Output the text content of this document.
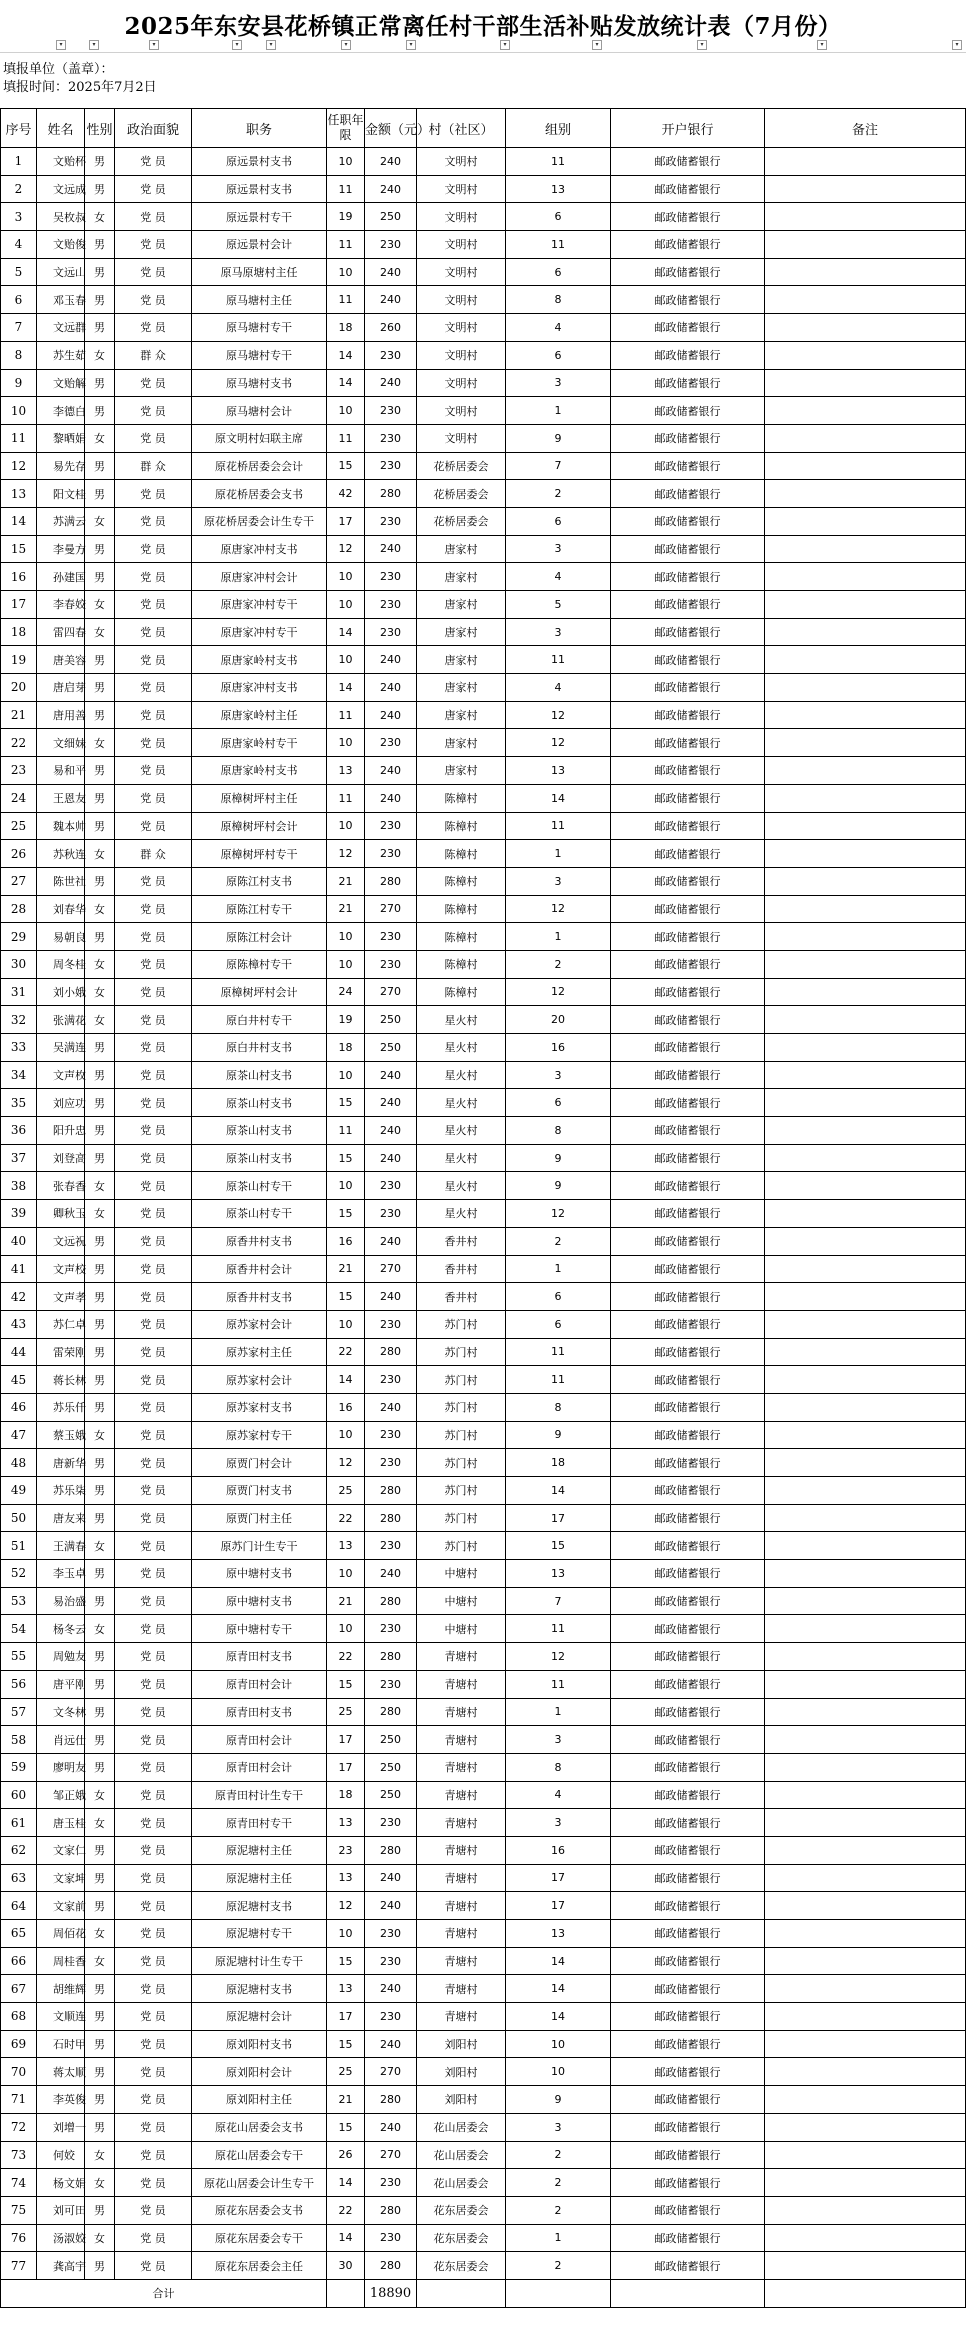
2025年东安县花桥镇正常离任村干部生活补贴发放统计表（7月份）
▾	▾	▾	▾	▾	▾	▾	▾	▾	▾	▾	▾
填报单位（盖章）：
填报时间：2025年7月2日
序号	姓名	性别	政治面貌	职务	任职年限	金额（元）	村（社区）	组别	开户银行	备注
1	文贻杯	男	党 员	原远景村支书	10	240	文明村	11	邮政储蓄银行	
2	文远成	男	党 员	原远景村支书	11	240	文明村	13	邮政储蓄银行	
3	吴枚叔	女	党 员	原远景村专干	19	250	文明村	6	邮政储蓄银行	
4	文贻俊	男	党 员	原远景村会计	11	230	文明村	11	邮政储蓄银行	
5	文远山	男	党 员	原马原塘村主任	10	240	文明村	6	邮政储蓄银行	
6	邓玉春	男	党 员	原马塘村主任	11	240	文明村	8	邮政储蓄银行	
7	文远群	男	党 员	原马塘村专干	18	260	文明村	4	邮政储蓄银行	
8	苏生茹	女	群 众	原马塘村专干	14	230	文明村	6	邮政储蓄银行	
9	文贻解	男	党 员	原马塘村支书	14	240	文明村	3	邮政储蓄银行	
10	李德白	男	党 员	原马塘村会计	10	230	文明村	1	邮政储蓄银行	
11	黎晒娟	女	党 员	原文明村妇联主席	11	230	文明村	9	邮政储蓄银行	
12	易先存	男	群 众	原花桥居委会会计	15	230	花桥居委会	7	邮政储蓄银行	
13	阳文桂	男	党 员	原花桥居委会支书	42	280	花桥居委会	2	邮政储蓄银行	
14	苏满云	女	党 员	原花桥居委会计生专干	17	230	花桥居委会	6	邮政储蓄银行	
15	李曼方	男	党 员	原唐家冲村支书	12	240	唐家村	3	邮政储蓄银行	
16	孙建国	男	党 员	原唐家冲村会计	10	230	唐家村	4	邮政储蓄银行	
17	李春姣	女	党 员	原唐家冲村专干	10	230	唐家村	5	邮政储蓄银行	
18	雷四春	女	党 员	原唐家冲村专干	14	230	唐家村	3	邮政储蓄银行	
19	唐美容	男	党 员	原唐家岭村支书	10	240	唐家村	11	邮政储蓄银行	
20	唐启芽	男	党 员	原唐家冲村支书	14	240	唐家村	4	邮政储蓄银行	
21	唐用善	男	党 员	原唐家岭村主任	11	240	唐家村	12	邮政储蓄银行	
22	文细妹	女	党 员	原唐家岭村专干	10	230	唐家村	12	邮政储蓄银行	
23	易和平	男	党 员	原唐家岭村支书	13	240	唐家村	13	邮政储蓄银行	
24	王恩友	男	党 员	原樟树坪村主任	11	240	陈樟村	14	邮政储蓄银行	
25	魏本帅	男	党 员	原樟树坪村会计	10	230	陈樟村	11	邮政储蓄银行	
26	苏秋连	女	群 众	原樟树坪村专干	12	230	陈樟村	1	邮政储蓄银行	
27	陈世社	男	党 员	原陈江村支书	21	280	陈樟村	3	邮政储蓄银行	
28	刘春华	女	党 员	原陈江村专干	21	270	陈樟村	12	邮政储蓄银行	
29	易朝良	男	党 员	原陈江村会计	10	230	陈樟村	1	邮政储蓄银行	
30	周冬桂	女	党 员	原陈樟村专干	10	230	陈樟村	2	邮政储蓄银行	
31	刘小娥	女	党 员	原樟树坪村会计	24	270	陈樟村	12	邮政储蓄银行	
32	张满花	女	党 员	原白井村专干	19	250	星火村	20	邮政储蓄银行	
33	吴满连	男	党 员	原白井村支书	18	250	星火村	16	邮政储蓄银行	
34	文声枚	男	党 员	原茶山村支书	10	240	星火村	3	邮政储蓄银行	
35	刘应功	男	党 员	原茶山村支书	15	240	星火村	6	邮政储蓄银行	
36	阳升忠	男	党 员	原茶山村支书	11	240	星火村	8	邮政储蓄银行	
37	刘登高	男	党 员	原茶山村支书	15	240	星火村	9	邮政储蓄银行	
38	张春香	女	党 员	原茶山村专干	10	230	星火村	9	邮政储蓄银行	
39	卿秋玉	女	党 员	原茶山村专干	15	230	星火村	12	邮政储蓄银行	
40	文远祝	男	党 员	原香井村支书	16	240	香井村	2	邮政储蓄银行	
41	文声校	男	党 员	原香井村会计	21	270	香井村	1	邮政储蓄银行	
42	文声孝	男	党 员	原香井村支书	15	240	香井村	6	邮政储蓄银行	
43	苏仁卓	男	党 员	原苏家村会计	10	230	苏门村	6	邮政储蓄银行	
44	雷荣刚	男	党 员	原苏家村主任	22	280	苏门村	11	邮政储蓄银行	
45	蒋长林	男	党 员	原苏家村会计	14	230	苏门村	11	邮政储蓄银行	
46	苏乐仟	男	党 员	原苏家村支书	16	240	苏门村	8	邮政储蓄银行	
47	蔡玉娥	女	党 员	原苏家村专干	10	230	苏门村	9	邮政储蓄银行	
48	唐新华	男	党 员	原贾门村会计	12	230	苏门村	18	邮政储蓄银行	
49	苏乐柒	男	党 员	原贾门村支书	25	280	苏门村	14	邮政储蓄银行	
50	唐友来	男	党 员	原贾门村主任	22	280	苏门村	17	邮政储蓄银行	
51	王满春	女	党 员	原苏门计生专干	13	230	苏门村	15	邮政储蓄银行	
52	李玉卓	男	党 员	原中塘村支书	10	240	中塘村	13	邮政储蓄银行	
53	易治盛	男	党 员	原中塘村支书	21	280	中塘村	7	邮政储蓄银行	
54	杨冬云	女	党 员	原中塘村专干	10	230	中塘村	11	邮政储蓄银行	
55	周勉友	男	党 员	原青田村支书	22	280	青塘村	12	邮政储蓄银行	
56	唐平刚	男	党 员	原青田村会计	15	230	青塘村	11	邮政储蓄银行	
57	文冬林	男	党 员	原青田村支书	25	280	青塘村	1	邮政储蓄银行	
58	肖远仕	男	党 员	原青田村会计	17	250	青塘村	3	邮政储蓄银行	
59	廖明友	男	党 员	原青田村会计	17	250	青塘村	8	邮政储蓄银行	
60	邹正娥	女	党 员	原青田村计生专干	18	250	青塘村	4	邮政储蓄银行	
61	唐玉桂	女	党 员	原青田村专干	13	230	青塘村	3	邮政储蓄银行	
62	文家仁	男	党 员	原泥塘村主任	23	280	青塘村	16	邮政储蓄银行	
63	文家坤	男	党 员	原泥塘村主任	13	240	青塘村	17	邮政储蓄银行	
64	文家前	男	党 员	原泥塘村支书	12	240	青塘村	17	邮政储蓄银行	
65	周佰花	女	党 员	原泥塘村专干	10	230	青塘村	13	邮政储蓄银行	
66	周桂香	女	党 员	原泥塘村计生专干	15	230	青塘村	14	邮政储蓄银行	
67	胡维辉	男	党 员	原泥塘村支书	13	240	青塘村	14	邮政储蓄银行	
68	文顺连	男	党 员	原泥塘村会计	17	230	青塘村	14	邮政储蓄银行	
69	石时甲	男	党 员	原刘阳村支书	15	240	刘阳村	10	邮政储蓄银行	
70	蒋太顺	男	党 员	原刘阳村会计	25	270	刘阳村	10	邮政储蓄银行	
71	李英俊	男	党 员	原刘阳村主任	21	280	刘阳村	9	邮政储蓄银行	
72	刘增一	男	党 员	原花山居委会支书	15	240	花山居委会	3	邮政储蓄银行	
73	何姣	女	党 员	原花山居委会专干	26	270	花山居委会	2	邮政储蓄银行	
74	杨文娟	女	党 员	原花山居委会计生专干	14	230	花山居委会	2	邮政储蓄银行	
75	刘可田	男	党 员	原花东居委会支书	22	280	花东居委会	2	邮政储蓄银行	
76	汤淑姣	女	党 员	原花东居委会专干	14	230	花东居委会	1	邮政储蓄银行	
77	龚高宇	男	党 员	原花东居委会主任	30	280	花东居委会	2	邮政储蓄银行	
合计						18890				
